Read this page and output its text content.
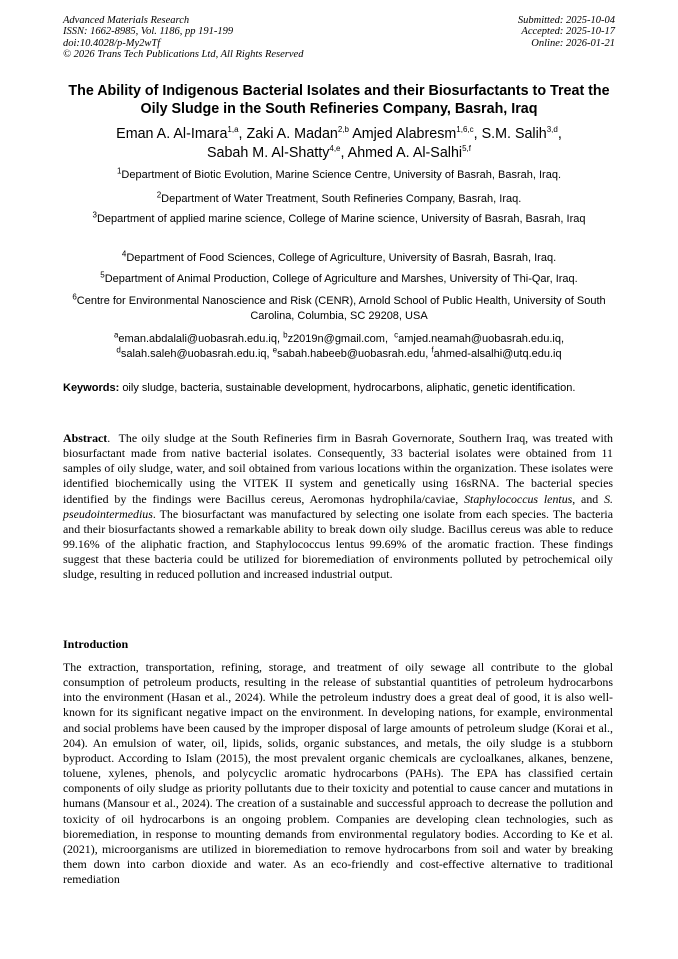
Advanced Materials Research
ISSN: 1662-8985, Vol. 1186, pp 191-199
doi:10.4028/p-My2wTf
© 2026 Trans Tech Publications Ltd, All Rights Reserved
Submitted: 2025-10-04
Accepted: 2025-10-17
Online: 2026-01-21
The Ability of Indigenous Bacterial Isolates and their Biosurfactants to Treat the Oily Sludge in the South Refineries Company, Basrah, Iraq
Eman A. Al-Imara$^{1,a}$, Zaki A. Madan$^{2,b}$ Amjed Alabresm$^{1,6,c}$, S.M. Salih$^{3,d}$,
Sabah M. Al-Shatty$^{4,e}$, Ahmed A. Al-Salhi$^{5,f}$
$^1$Department of Biotic Evolution, Marine Science Centre, University of Basrah, Basrah, Iraq.
$^2$Department of Water Treatment, South Refineries Company, Basrah, Iraq.
$^3$Department of applied marine science, College of Marine science, University of Basrah, Basrah, Iraq
$^4$Department of Food Sciences, College of Agriculture, University of Basrah, Basrah, Iraq.
$^5$Department of Animal Production, College of Agriculture and Marshes, University of Thi-Qar, Iraq.
$^6$Centre for Environmental Nanoscience and Risk (CENR), Arnold School of Public Health, University of South Carolina, Columbia, SC 29208, USA
$^a$eman.abdalali@uobasrah.edu.iq, $^b$z2019n@gmail.com, $^c$amjed.neamah@uobasrah.edu.iq,
$^d$salah.saleh@uobasrah.edu.iq, $^e$sabah.habeeb@uobasrah.edu, $^f$ahmed-alsalhi@utq.edu.iq
Keywords: oily sludge, bacteria, sustainable development, hydrocarbons, aliphatic, genetic identification.
Abstract.  The oily sludge at the South Refineries firm in Basrah Governorate, Southern Iraq, was treated with biosurfactant made from native bacterial isolates. Consequently, 33 bacterial isolates were obtained from 11 samples of oily sludge, water, and soil obtained from various locations within the organization. These isolates were identified biochemically using the VITEK II system and genetically using 16sRNA. The bacterial species identified by the findings were Bacillus cereus, Aeromonas hydrophila/caviae, Staphylococcus lentus, and S. pseudointermedius. The biosurfactant was manufactured by selecting one isolate from each species. The bacteria and their biosurfactants showed a remarkable ability to break down oily sludge. Bacillus cereus was able to reduce 99.16% of the aliphatic fraction, and Staphylococcus lentus 99.69% of the aromatic fraction. These findings suggest that these bacteria could be utilized for bioremediation of environments polluted by petrochemical oily sludge, resulting in reduced pollution and increased industrial output.
Introduction
The extraction, transportation, refining, storage, and treatment of oily sewage all contribute to the global consumption of petroleum products, resulting in the release of substantial quantities of petroleum hydrocarbons into the environment (Hasan et al., 2024). While the petroleum industry does a great deal of good, it is also well-known for its significant negative impact on the environment. In developing nations, for example, environmental and social problems have been caused by the improper disposal of large amounts of petroleum sludge (Korai et al., 204). An emulsion of water, oil, lipids, solids, organic substances, and metals, the oily sludge is a stubborn byproduct. According to Islam (2015), the most prevalent organic chemicals are cycloalkanes, alkanes, benzene, toluene, xylenes, phenols, and polycyclic aromatic hydrocarbons (PAHs). The EPA has classified certain components of oily sludge as priority pollutants due to their toxicity and potential to cause cancer and mutations in humans (Mansour et al., 2024). The creation of a sustainable and successful approach to decrease the pollution and toxicity of oil hydrocarbons is an ongoing problem. Companies are developing clean technologies, such as bioremediation, in response to mounting demands from environmental regulatory bodies. According to Ke et al. (2021), microorganisms are utilized in bioremediation to remove hydrocarbons from soil and water by breaking them down into carbon dioxide and water. As an eco-friendly and cost-effective alternative to traditional remediation
